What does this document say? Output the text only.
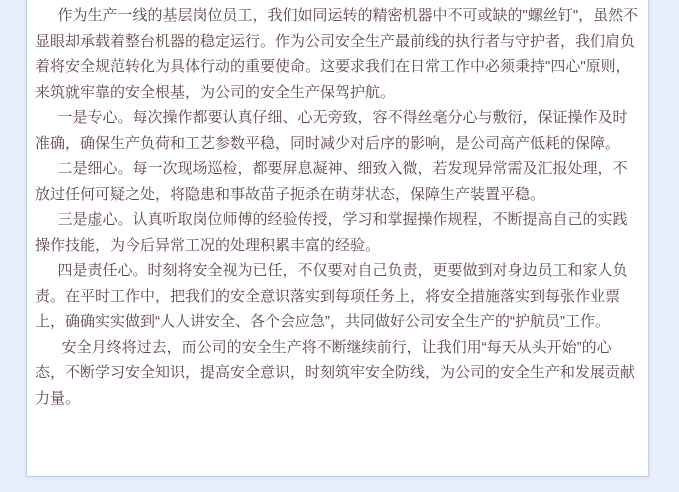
作为生产一线的基层岗位员工，我们如同运转的精密机器中不可或缺的"螺丝钉"，虽然不显眼却承载着整台机器的稳定运行。作为公司安全生产最前线的执行者与守护者，我们肩负着将安全规范转化为具体行动的重要使命。这要求我们在日常工作中必须秉持"四心"原则，来筑就牢靠的安全根基，为公司的安全生产保驾护航。

一是专心。每次操作都要认真仔细、心无旁致，容不得丝毫分心与敷衍，保证操作及时准确，确保生产负荷和工艺参数平稳，同时减少对后序的影响，是公司高产低耗的保障。

二是细心。每一次现场巡检，都要屏息凝神、细致入微，若发现异常需及汇报处理，不放过任何可疑之处，将隐患和事故苗子扼杀在萌芽状态，保障生产装置平稳。

三是虚心。认真听取岗位师傅的经验传授，学习和掌握操作规程，不断提高自己的实践操作技能，为今后异常工况的处理积累丰富的经验。

四是责任心。时刻将安全视为已任，不仅要对自己负责，更要做到对身边员工和家人负责。在平时工作中，把我们的安全意识落实到每项任务上，将安全措施落实到每张作业票上，确确实实做到“人人讲安全、各个会应急”，共同做好公司安全生产的“护航员”工作。

安全月终将过去，而公司的安全生产将不断继续前行，让我们用“每天从头开始”的心态，不断学习安全知识，提高安全意识，时刻筑牢安全防线，为公司的安全生产和发展贡献力量。
